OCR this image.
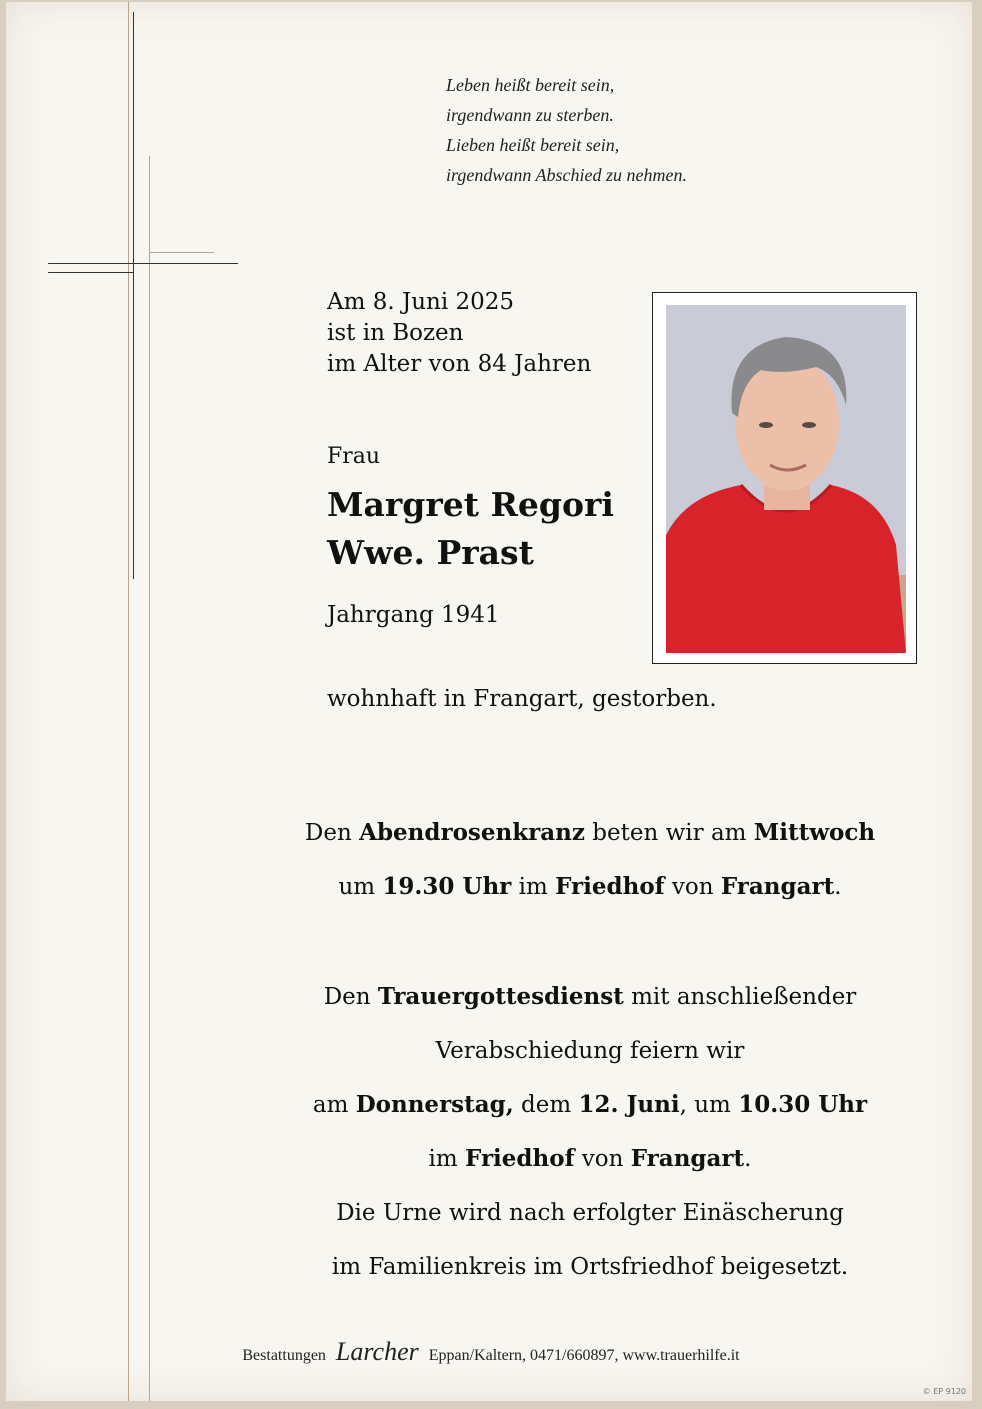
Leben heißt bereit sein,
irgendwann zu sterben.
Lieben heißt bereit sein,
irgendwann Abschied zu nehmen.
Am 8. Juni 2025
ist in Bozen
im Alter von 84 Jahren
Frau
Margret Regori
Wwe. Prast
Jahrgang 1941
wohnhaft in Frangart, gestorben.
Den Abendrosenkranz beten wir am Mittwoch
um 19.30 Uhr im Friedhof von Frangart.
Den Trauergottesdienst mit anschließender
Verabschiedung feiern wir
am Donnerstag, dem 12. Juni, um 10.30 Uhr
im Friedhof von Frangart.
Die Urne wird nach erfolgter Einäscherung
im Familienkreis im Ortsfriedhof beigesetzt.
Bestattungen Larcher Eppan/Kaltern, 0471/660897, www.trauerhilfe.it
© EP 9120
